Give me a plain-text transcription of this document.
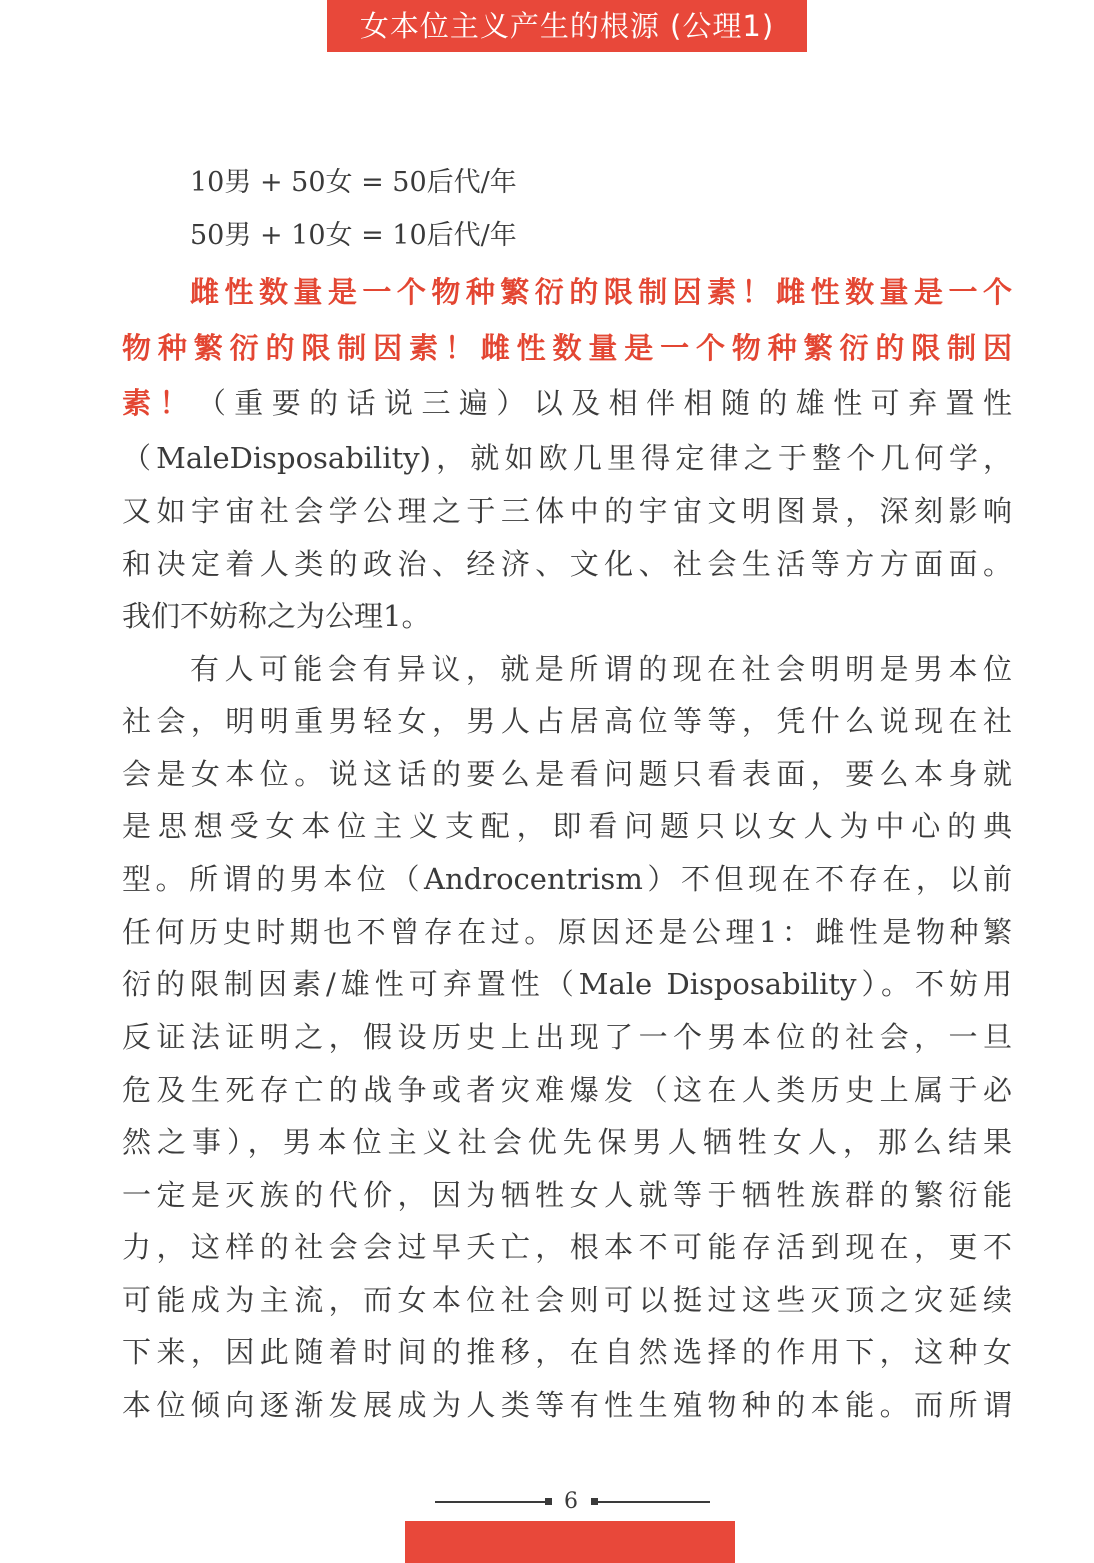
女本位主义产生的根源 (公理1)
10男 + 50女 = 50后代/年
50男 + 10女 = 10后代/年
雌性数量是一个物种繁衍的限制因素！雌性数量是一个
物种繁衍的限制因素！雌性数量是一个物种繁衍的限制因
素！（重要的话说三遍）以及相伴相随的雄性可弃置性
（MaleDisposability)，就如欧几里得定律之于整个几何学，
又如宇宙社会学公理之于三体中的宇宙文明图景，深刻影响
和决定着人类的政治、经济、文化、社会生活等方方面面。
我们不妨称之为公理1。
有人可能会有异议，就是所谓的现在社会明明是男本位
社会，明明重男轻女，男人占居高位等等，凭什么说现在社
会是女本位。说这话的要么是看问题只看表面，要么本身就
是思想受女本位主义支配，即看问题只以女人为中心的典
型。所谓的男本位（Androcentrism）不但现在不存在，以前
任何历史时期也不曾存在过。原因还是公理1：雌性是物种繁
衍的限制因素/雄性可弃置性（Male Disposability）。不妨用
反证法证明之，假设历史上出现了一个男本位的社会，一旦
危及生死存亡的战争或者灾难爆发（这在人类历史上属于必
然之事），男本位主义社会优先保男人牺牲女人，那么结果
一定是灭族的代价，因为牺牲女人就等于牺牲族群的繁衍能
力，这样的社会会过早夭亡，根本不可能存活到现在，更不
可能成为主流，而女本位社会则可以挺过这些灭顶之灾延续
下来，因此随着时间的推移，在自然选择的作用下，这种女
本位倾向逐渐发展成为人类等有性生殖物种的本能。而所谓
6
